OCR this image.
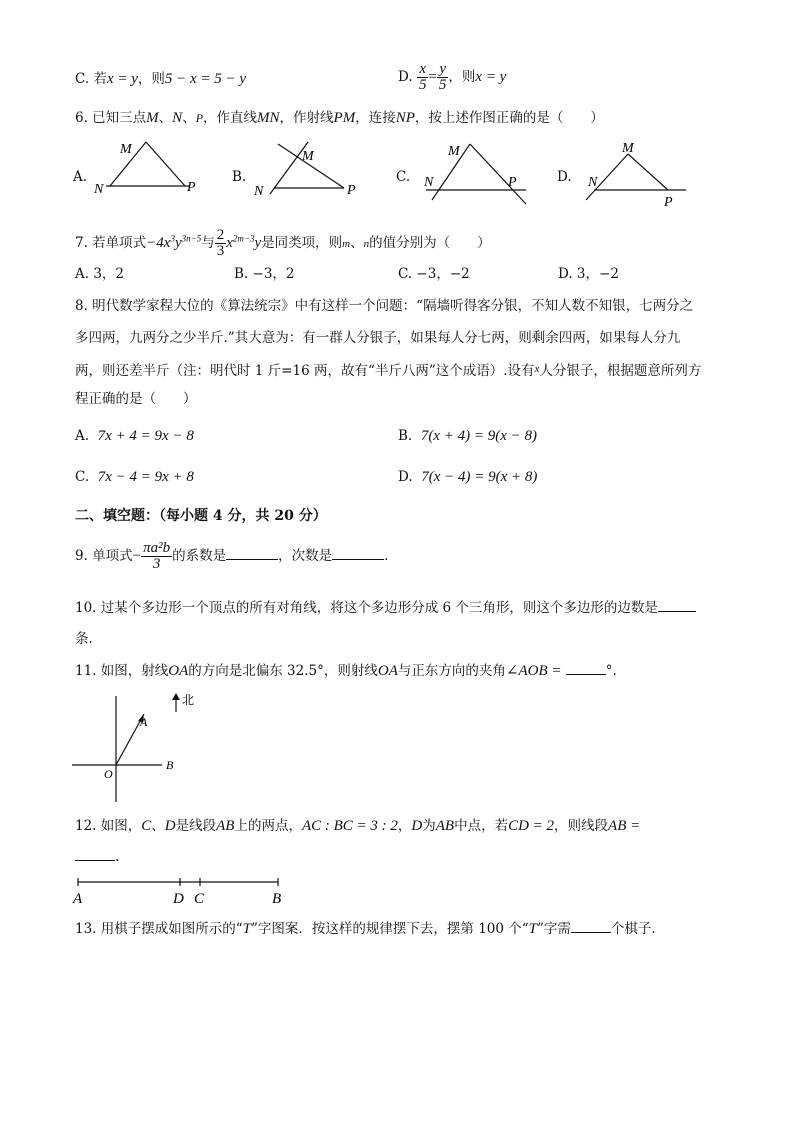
C. 若x = y，则5 − x = 5 − y	D. $\frac{x}{5} = \frac{y}{5}$ ，则x = y
6. 已知三点M、N、P，作直线MN，作射线PM，连接NP，按上述作图正确的是（　　）
A.
M
N	P
B.
M
N	P
C.
M
N	P	D.
M
N
P
7. 若单项式$-4x^3y^{3n-5}$与 $\frac{2}{3} x^{2m-3}y$是同类项，则m、n的值分别为（　　）
A. 3，2	B. −3，2	C. −3，−2	D. 3，−2
8. 明代数学家程大位的《算法统宗》中有这样一个问题：“隔墙听得客分银，不知人数不知银，七两分之
多四两，九两分之少半斤.”其大意为：有一群人分银子，如果每人分七两，则剩余四两，如果每人分九
两，则还差半斤（注：明代时 1 斤=16 两，故有“半斤八两”这个成语）.设有$^x$人分银子，根据题意所列方
程正确的是（　　）
A. 7x + 4 = 9x − 8	B. 7(x + 4) = 9(x − 8)
C. 7x − 4 = 9x + 8	D. 7(x − 4) = 9(x + 8)
二、填空题：（每小题 4 分，共 20 分）
9. 单项式− $\frac{\text{πa²b}}{3}$ 的系数是	，次数是	.
10. 过某个多边形一个顶点的所有对角线，将这个多边形分成 6 个三角形，则这个多边形的边数是
条.
11. 如图，射线OA的方向是北偏东 32.5°，则射线OA与正东方向的夹角∠AOB =	°.
北
A
B
O
12. 如图，C、D是线段AB上的两点，AC : BC = 3 : 2，D为AB中点，若CD = 2，则线段AB =
.
A	D C	B
13. 用棋子摆成如图所示的“T”字图案．按这样的规律摆下去，摆第 100 个“T”字需	个棋子．
